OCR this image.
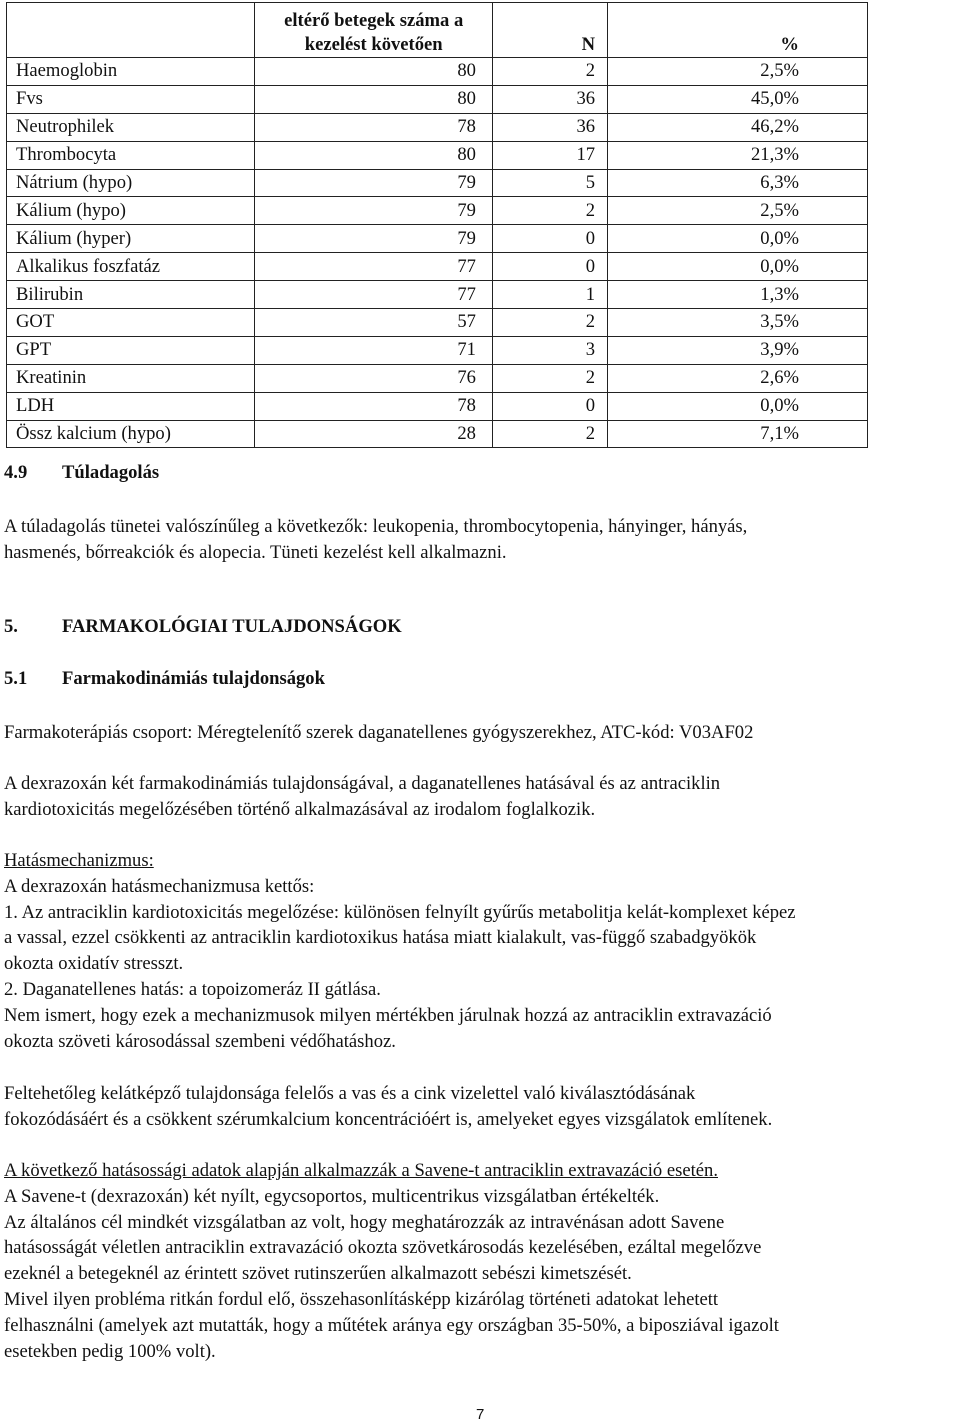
	eltérő betegek száma a kezelést követően	N	%
Haemoglobin	80	2	2,5%
Fvs	80	36	45,0%
Neutrophilek	78	36	46,2%
Thrombocyta	80	17	21,3%
Nátrium (hypo)	79	5	6,3%
Kálium (hypo)	79	2	2,5%
Kálium (hyper)	79	0	0,0%
Alkalikus foszfatáz	77	0	0,0%
Bilirubin	77	1	1,3%
GOT	57	2	3,5%
GPT	71	3	3,9%
Kreatinin	76	2	2,6%
LDH	78	0	0,0%
Össz kalcium (hypo)	28	2	7,1%
4.9 Túladagolás

A túladagolás tünetei valószínűleg a következők: leukopenia, thrombocytopenia, hányinger, hányás,
hasmenés, bőrreakciók és alopecia. Tüneti kezelést kell alkalmazni.

5. FARMAKOLÓGIAI TULAJDONSÁGOK
5.1 Farmakodinámiás tulajdonságok

Farmakoterápiás csoport: Méregtelenítő szerek daganatellenes gyógyszerekhez, ATC-kód: V03AF02

A dexrazoxán két farmakodinámiás tulajdonságával, a daganatellenes hatásával és az antraciklin
kardiotoxicitás megelőzésében történő alkalmazásával az irodalom foglalkozik.

Hatásmechanizmus:
A dexrazoxán hatásmechanizmusa kettős:
1. Az antraciklin kardiotoxicitás megelőzése: különösen felnyílt gyűrűs metabolitja kelát-komplexet képez
a vassal, ezzel csökkenti az antraciklin kardiotoxikus hatása miatt kialakult, vas-függő szabadgyökök
okozta oxidatív stresszt.
2. Daganatellenes hatás: a topoizomeráz II gátlása.
Nem ismert, hogy ezek a mechanizmusok milyen mértékben járulnak hozzá az antraciklin extravazáció
okozta szöveti károsodással szembeni védőhatáshoz.

Feltehetőleg kelátképző tulajdonsága felelős a vas és a cink vizelettel való kiválasztódásának
fokozódásáért és a csökkent szérumkalcium koncentrációért is, amelyeket egyes vizsgálatok említenek.

A következő hatásossági adatok alapján alkalmazzák a Savene-t antraciklin extravazáció esetén.
A Savene-t (dexrazoxán) két nyílt, egycsoportos, multicentrikus vizsgálatban értékelték.
Az általános cél mindkét vizsgálatban az volt, hogy meghatározzák az intravénásan adott Savene
hatásosságát véletlen antraciklin extravazáció okozta szövetkárosodás kezelésében, ezáltal megelőzve
ezeknél a betegeknél az érintett szövet rutinszerűen alkalmazott sebészi kimetszését.
Mivel ilyen probléma ritkán fordul elő, összehasonlításképp kizárólag történeti adatokat lehetett
felhasználni (amelyek azt mutatták, hogy a műtétek aránya egy országban 35-50%, a biposziával igazolt
esetekben pedig 100% volt).

7
